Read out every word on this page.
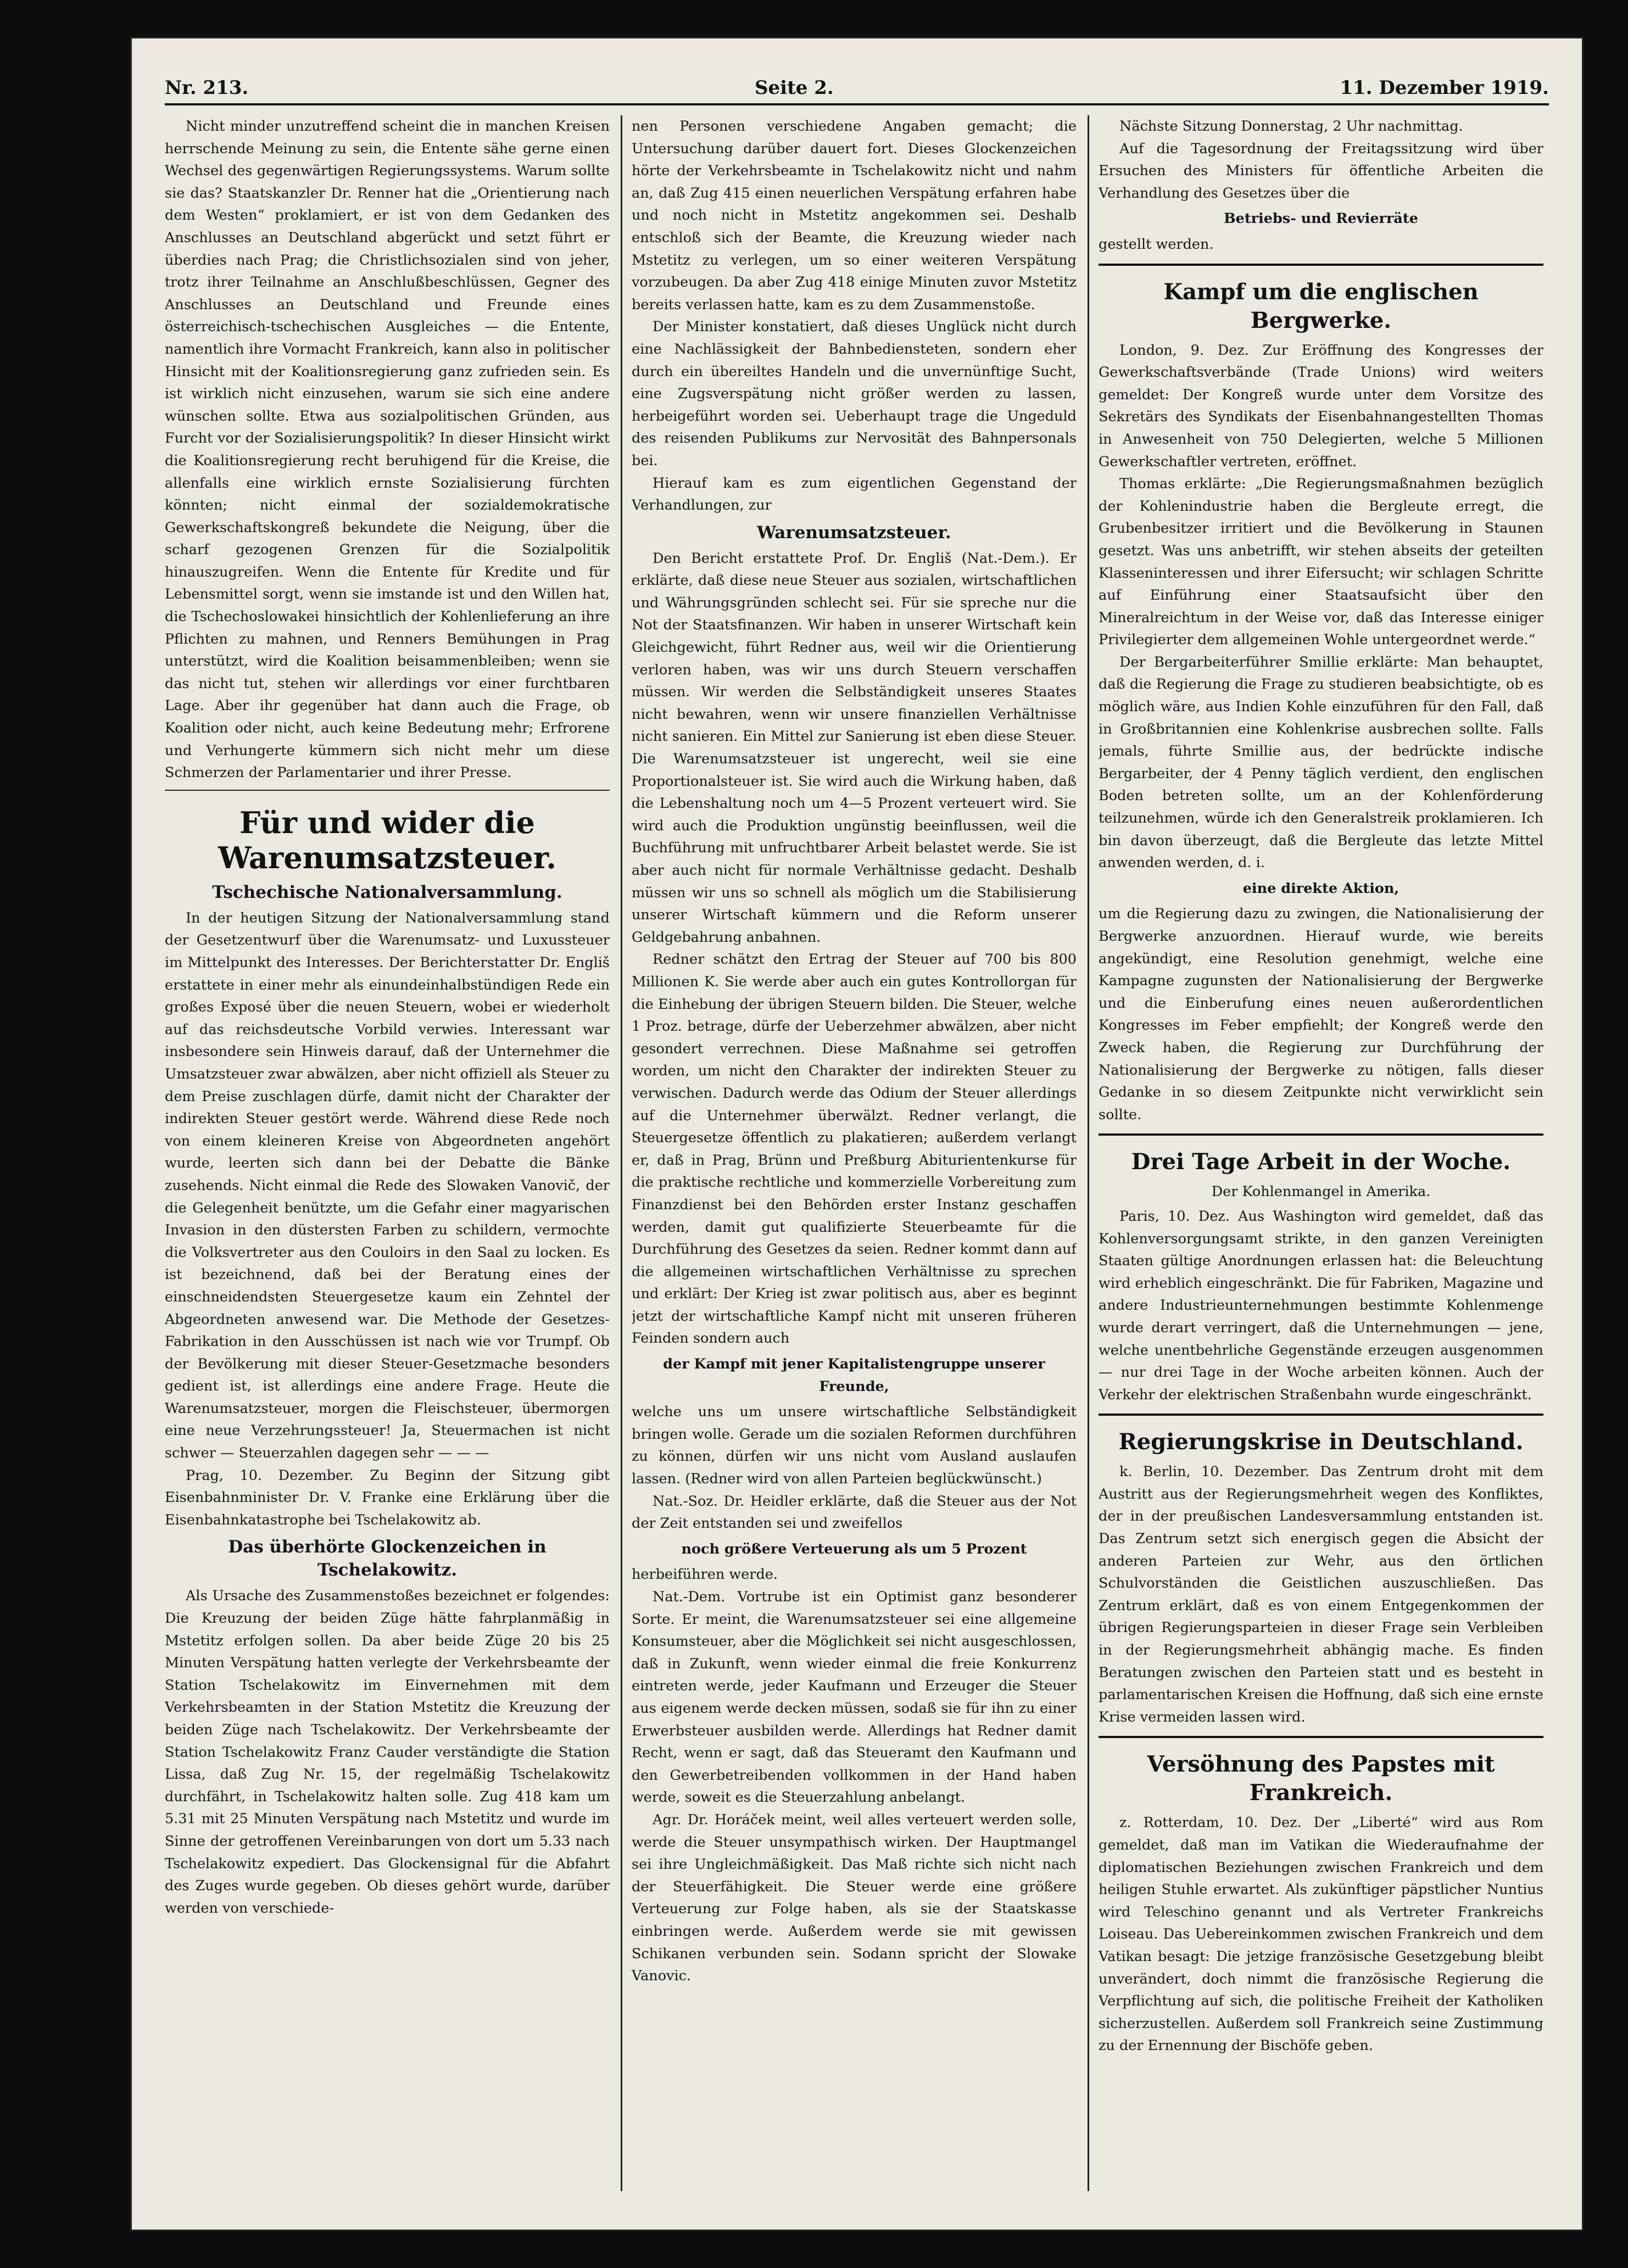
Nr. 213.	Seite 2.	11. Dezember 1919.

Nicht minder unzutreffend scheint die in manchen Kreisen herrschende Meinung zu sein, die Entente sähe gerne einen Wechsel des gegenwärtigen Regierungssystems. Warum sollte sie das? Staatskanzler Dr. Renner hat die „Orientierung nach dem Westen“ proklamiert, er ist von dem Gedanken des Anschlusses an Deutschland abgerückt und setzt führt er überdies nach Prag; die Christlichsozialen sind von jeher, trotz ihrer Teilnahme an Anschlußbeschlüssen, Gegner des Anschlusses an Deutschland und Freunde eines österreichisch-tschechischen Ausgleiches — die Entente, namentlich ihre Vormacht Frankreich, kann also in politischer Hinsicht mit der Koalitionsregierung ganz zufrieden sein. Es ist wirklich nicht einzusehen, warum sie sich eine andere wünschen sollte. Etwa aus sozialpolitischen Gründen, aus Furcht vor der Sozialisierungspolitik? In dieser Hinsicht wirkt die Koalitionsregierung recht beruhigend für die Kreise, die allenfalls eine wirklich ernste Sozialisierung fürchten könnten; nicht einmal der sozialdemokratische Gewerkschaftskongreß bekundete die Neigung, über die scharf gezogenen Grenzen für die Sozialpolitik hinauszugreifen. Wenn die Entente für Kredite und für Lebensmittel sorgt, wenn sie imstande ist und den Willen hat, die Tschechoslowakei hinsichtlich der Kohlenlieferung an ihre Pflichten zu mahnen, und Renners Bemühungen in Prag unterstützt, wird die Koalition beisammenbleiben; wenn sie das nicht tut, stehen wir allerdings vor einer furchtbaren Lage. Aber ihr gegenüber hat dann auch die Frage, ob Koalition oder nicht, auch keine Bedeutung mehr; Erfrorene und Verhungerte kümmern sich nicht mehr um diese Schmerzen der Parlamentarier und ihrer Presse.

Für und wider die Warenumsatzsteuer.
Tschechische Nationalversammlung.

In der heutigen Sitzung der Nationalversammlung stand der Gesetzentwurf über die Warenumsatz- und Luxussteuer im Mittelpunkt des Interesses. Der Berichterstatter Dr. Engliš erstattete in einer mehr als einundeinhalbstündigen Rede ein großes Exposé über die neuen Steuern, wobei er wiederholt auf das reichsdeutsche Vorbild verwies. Interessant war insbesondere sein Hinweis darauf, daß der Unternehmer die Umsatzsteuer zwar abwälzen, aber nicht offiziell als Steuer zu dem Preise zuschlagen dürfe, damit nicht der Charakter der indirekten Steuer gestört werde. Während diese Rede noch von einem kleineren Kreise von Abgeordneten angehört wurde, leerten sich dann bei der Debatte die Bänke zusehends. Nicht einmal die Rede des Slowaken Vanovič, der die Gelegenheit benützte, um die Gefahr einer magyarischen Invasion in den düstersten Farben zu schildern, vermochte die Volksvertreter aus den Couloirs in den Saal zu locken. Es ist bezeichnend, daß bei der Beratung eines der einschneidendsten Steuergesetze kaum ein Zehntel der Abgeordneten anwesend war. Die Methode der Gesetzes-Fabrikation in den Ausschüssen ist nach wie vor Trumpf. Ob der Bevölkerung mit dieser Steuer-Gesetzmache besonders gedient ist, ist allerdings eine andere Frage. Heute die Warenumsatzsteuer, morgen die Fleischsteuer, übermorgen eine neue Verzehrungssteuer! Ja, Steuermachen ist nicht schwer — Steuerzahlen dagegen sehr — — —

Prag, 10. Dezember. Zu Beginn der Sitzung gibt Eisenbahnminister Dr. V. Franke eine Erklärung über die Eisenbahnkatastrophe bei Tschelakowitz ab.

Das überhörte Glockenzeichen in Tschelakowitz.

Als Ursache des Zusammenstoßes bezeichnet er folgendes: Die Kreuzung der beiden Züge hätte fahrplanmäßig in Mstetitz erfolgen sollen. Da aber beide Züge 20 bis 25 Minuten Verspätung hatten verlegte der Verkehrsbeamte der Station Tschelakowitz im Einvernehmen mit dem Verkehrsbeamten in der Station Mstetitz die Kreuzung der beiden Züge nach Tschelakowitz. Der Verkehrsbeamte der Station Tschelakowitz Franz Cauder verständigte die Station Lissa, daß Zug Nr. 15, der regelmäßig Tschelakowitz durchfährt, in Tschelakowitz halten solle. Zug 418 kam um 5.31 mit 25 Minuten Verspätung nach Mstetitz und wurde im Sinne der getroffenen Vereinbarungen von dort um 5.33 nach Tschelakowitz expediert. Das Glockensignal für die Abfahrt des Zuges wurde gegeben. Ob dieses gehört wurde, darüber werden von verschiede-

nen Personen verschiedene Angaben gemacht; die Untersuchung darüber dauert fort. Dieses Glockenzeichen hörte der Verkehrsbeamte in Tschelakowitz nicht und nahm an, daß Zug 415 einen neuerlichen Verspätung erfahren habe und noch nicht in Mstetitz angekommen sei. Deshalb entschloß sich der Beamte, die Kreuzung wieder nach Mstetitz zu verlegen, um so einer weiteren Verspätung vorzubeugen. Da aber Zug 418 einige Minuten zuvor Mstetitz bereits verlassen hatte, kam es zu dem Zusammenstoße.

Der Minister konstatiert, daß dieses Unglück nicht durch eine Nachlässigkeit der Bahnbediensteten, sondern eher durch ein übereiltes Handeln und die unvernünftige Sucht, eine Zugsverspätung nicht größer werden zu lassen, herbeigeführt worden sei. Ueberhaupt trage die Ungeduld des reisenden Publikums zur Nervosität des Bahnpersonals bei.

Hierauf kam es zum eigentlichen Gegenstand der Verhandlungen, zur

Warenumsatzsteuer.

Den Bericht erstattete Prof. Dr. Engliš (Nat.-Dem.). Er erklärte, daß diese neue Steuer aus sozialen, wirtschaftlichen und Währungsgründen schlecht sei. Für sie spreche nur die Not der Staatsfinanzen. Wir haben in unserer Wirtschaft kein Gleichgewicht, führt Redner aus, weil wir die Orientierung verloren haben, was wir uns durch Steuern verschaffen müssen. Wir werden die Selbständigkeit unseres Staates nicht bewahren, wenn wir unsere finanziellen Verhältnisse nicht sanieren. Ein Mittel zur Sanierung ist eben diese Steuer. Die Warenumsatzsteuer ist ungerecht, weil sie eine Proportionalsteuer ist. Sie wird auch die Wirkung haben, daß die Lebenshaltung noch um 4—5 Prozent verteuert wird. Sie wird auch die Produktion ungünstig beeinflussen, weil die Buchführung mit unfruchtbarer Arbeit belastet werde. Sie ist aber auch nicht für normale Verhältnisse gedacht. Deshalb müssen wir uns so schnell als möglich um die Stabilisierung unserer Wirtschaft kümmern und die Reform unserer Geldgebahrung anbahnen.

Redner schätzt den Ertrag der Steuer auf 700 bis 800 Millionen K. Sie werde aber auch ein gutes Kontrollorgan für die Einhebung der übrigen Steuern bilden. Die Steuer, welche 1 Proz. betrage, dürfe der Ueberzehmer abwälzen, aber nicht gesondert verrechnen. Diese Maßnahme sei getroffen worden, um nicht den Charakter der indirekten Steuer zu verwischen. Dadurch werde das Odium der Steuer allerdings auf die Unternehmer überwälzt. Redner verlangt, die Steuergesetze öffentlich zu plakatieren; außerdem verlangt er, daß in Prag, Brünn und Preßburg Abiturientenkurse für die praktische rechtliche und kommerzielle Vorbereitung zum Finanzdienst bei den Behörden erster Instanz geschaffen werden, damit gut qualifizierte Steuerbeamte für die Durchführung des Gesetzes da seien. Redner kommt dann auf die allgemeinen wirtschaftlichen Verhältnisse zu sprechen und erklärt: Der Krieg ist zwar politisch aus, aber es beginnt jetzt der wirtschaftliche Kampf nicht mit unseren früheren Feinden sondern auch

der Kampf mit jener Kapitalistengruppe unserer Freunde,

welche uns um unsere wirtschaftliche Selbständigkeit bringen wolle. Gerade um die sozialen Reformen durchführen zu können, dürfen wir uns nicht vom Ausland auslaufen lassen. (Redner wird von allen Parteien beglückwünscht.)

Nat.-Soz. Dr. Heidler erklärte, daß die Steuer aus der Not der Zeit entstanden sei und zweifellos

noch größere Verteuerung als um 5 Prozent

herbeiführen werde.

Nat.-Dem. Vortrube ist ein Optimist ganz besonderer Sorte. Er meint, die Warenumsatzsteuer sei eine allgemeine Konsumsteuer, aber die Möglichkeit sei nicht ausgeschlossen, daß in Zukunft, wenn wieder einmal die freie Konkurrenz eintreten werde, jeder Kaufmann und Erzeuger die Steuer aus eigenem werde decken müssen, sodaß sie für ihn zu einer Erwerbsteuer ausbilden werde. Allerdings hat Redner damit Recht, wenn er sagt, daß das Steueramt den Kaufmann und den Gewerbetreibenden vollkommen in der Hand haben werde, soweit es die Steuerzahlung anbelangt.

Agr. Dr. Horáček meint, weil alles verteuert werden solle, werde die Steuer unsympathisch wirken. Der Hauptmangel sei ihre Ungleichmäßigkeit. Das Maß richte sich nicht nach der Steuerfähigkeit. Die Steuer werde eine größere Verteuerung zur Folge haben, als sie der Staatskasse einbringen werde. Außerdem werde sie mit gewissen Schikanen verbunden sein. Sodann spricht der Slowake Vanovic.

Nächste Sitzung Donnerstag, 2 Uhr nachmittag.

Auf die Tagesordnung der Freitagssitzung wird über Ersuchen des Ministers für öffentliche Arbeiten die Verhandlung des Gesetzes über die

Betriebs- und Revierräte

gestellt werden.

Kampf um die englischen Bergwerke.

London, 9. Dez. Zur Eröffnung des Kongresses der Gewerkschaftsverbände (Trade Unions) wird weiters gemeldet: Der Kongreß wurde unter dem Vorsitze des Sekretärs des Syndikats der Eisenbahnangestellten Thomas in Anwesenheit von 750 Delegierten, welche 5 Millionen Gewerkschaftler vertreten, eröffnet.

Thomas erklärte: „Die Regierungsmaßnahmen bezüglich der Kohlenindustrie haben die Bergleute erregt, die Grubenbesitzer irritiert und die Bevölkerung in Staunen gesetzt. Was uns anbetrifft, wir stehen abseits der geteilten Klasseninteressen und ihrer Eifersucht; wir schlagen Schritte auf Einführung einer Staatsaufsicht über den Mineralreichtum in der Weise vor, daß das Interesse einiger Privilegierter dem allgemeinen Wohle untergeordnet werde.“

Der Bergarbeiterführer Smillie erklärte: Man behauptet, daß die Regierung die Frage zu studieren beabsichtigte, ob es möglich wäre, aus Indien Kohle einzuführen für den Fall, daß in Großbritannien eine Kohlenkrise ausbrechen sollte. Falls jemals, führte Smillie aus, der bedrückte indische Bergarbeiter, der 4 Penny täglich verdient, den englischen Boden betreten sollte, um an der Kohlenförderung teilzunehmen, würde ich den Generalstreik proklamieren. Ich bin davon überzeugt, daß die Bergleute das letzte Mittel anwenden werden, d. i.

eine direkte Aktion,

um die Regierung dazu zu zwingen, die Nationalisierung der Bergwerke anzuordnen. Hierauf wurde, wie bereits angekündigt, eine Resolution genehmigt, welche eine Kampagne zugunsten der Nationalisierung der Bergwerke und die Einberufung eines neuen außerordentlichen Kongresses im Feber empfiehlt; der Kongreß werde den Zweck haben, die Regierung zur Durchführung der Nationalisierung der Bergwerke zu nötigen, falls dieser Gedanke in so diesem Zeitpunkte nicht verwirklicht sein sollte.

Drei Tage Arbeit in der Woche.

Der Kohlenmangel in Amerika.

Paris, 10. Dez. Aus Washington wird gemeldet, daß das Kohlenversorgungsamt strikte, in den ganzen Vereinigten Staaten gültige Anordnungen erlassen hat: die Beleuchtung wird erheblich eingeschränkt. Die für Fabriken, Magazine und andere Industrieunternehmungen bestimmte Kohlenmenge wurde derart verringert, daß die Unternehmungen — jene, welche unentbehrliche Gegenstände erzeugen ausgenommen — nur drei Tage in der Woche arbeiten können. Auch der Verkehr der elektrischen Straßenbahn wurde eingeschränkt.

Regierungskrise in Deutschland.

k. Berlin, 10. Dezember. Das Zentrum droht mit dem Austritt aus der Regierungsmehrheit wegen des Konfliktes, der in der preußischen Landesversammlung entstanden ist. Das Zentrum setzt sich energisch gegen die Absicht der anderen Parteien zur Wehr, aus den örtlichen Schulvorständen die Geistlichen auszuschließen. Das Zentrum erklärt, daß es von einem Entgegenkommen der übrigen Regierungsparteien in dieser Frage sein Verbleiben in der Regierungsmehrheit abhängig mache. Es finden Beratungen zwischen den Parteien statt und es besteht in parlamentarischen Kreisen die Hoffnung, daß sich eine ernste Krise vermeiden lassen wird.

Versöhnung des Papstes mit Frankreich.

z. Rotterdam, 10. Dez. Der „Liberté“ wird aus Rom gemeldet, daß man im Vatikan die Wiederaufnahme der diplomatischen Beziehungen zwischen Frankreich und dem heiligen Stuhle erwartet. Als zukünftiger päpstlicher Nuntius wird Teleschino genannt und als Vertreter Frankreichs Loiseau. Das Uebereinkommen zwischen Frankreich und dem Vatikan besagt: Die jetzige französische Gesetzgebung bleibt unverändert, doch nimmt die französische Regierung die Verpflichtung auf sich, die politische Freiheit der Katholiken sicherzustellen. Außerdem soll Frankreich seine Zustimmung zu der Ernennung der Bischöfe geben.
